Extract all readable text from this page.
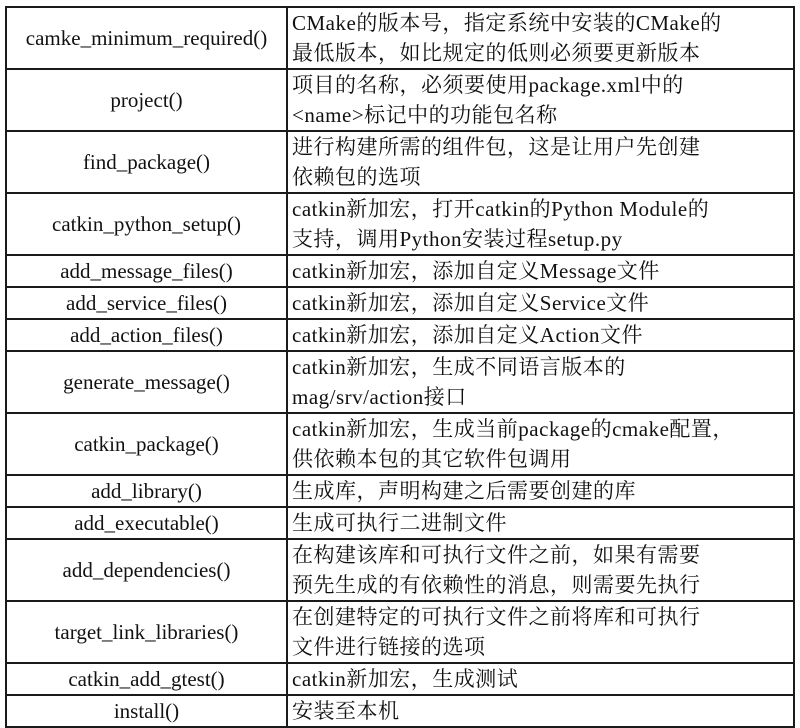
camke_minimum_required()	CMake的版本号，指定系统中安装的CMake的
最低版本，如比规定的低则必须要更新版本
project()	项目的名称，必须要使用package.xml中的
<name>标记中的功能包名称
find_package()	进行构建所需的组件包，这是让用户先创建
依赖包的选项
catkin_python_setup()	catkin新加宏，打开catkin的Python Module的
支持，调用Python安装过程setup.py
add_message_files()	catkin新加宏，添加自定义Message文件
add_service_files()	catkin新加宏，添加自定义Service文件
add_action_files()	catkin新加宏，添加自定义Action文件
generate_message()	catkin新加宏，生成不同语言版本的
mag/srv/action接口
catkin_package()	catkin新加宏，生成当前package的cmake配置，
供依赖本包的其它软件包调用
add_library()	生成库，声明构建之后需要创建的库
add_executable()	生成可执行二进制文件
add_dependencies()	在构建该库和可执行文件之前，如果有需要
预先生成的有依赖性的消息，则需要先执行
target_link_libraries()	在创建特定的可执行文件之前将库和可执行
文件进行链接的选项
catkin_add_gtest()	catkin新加宏，生成测试
install()	安装至本机
